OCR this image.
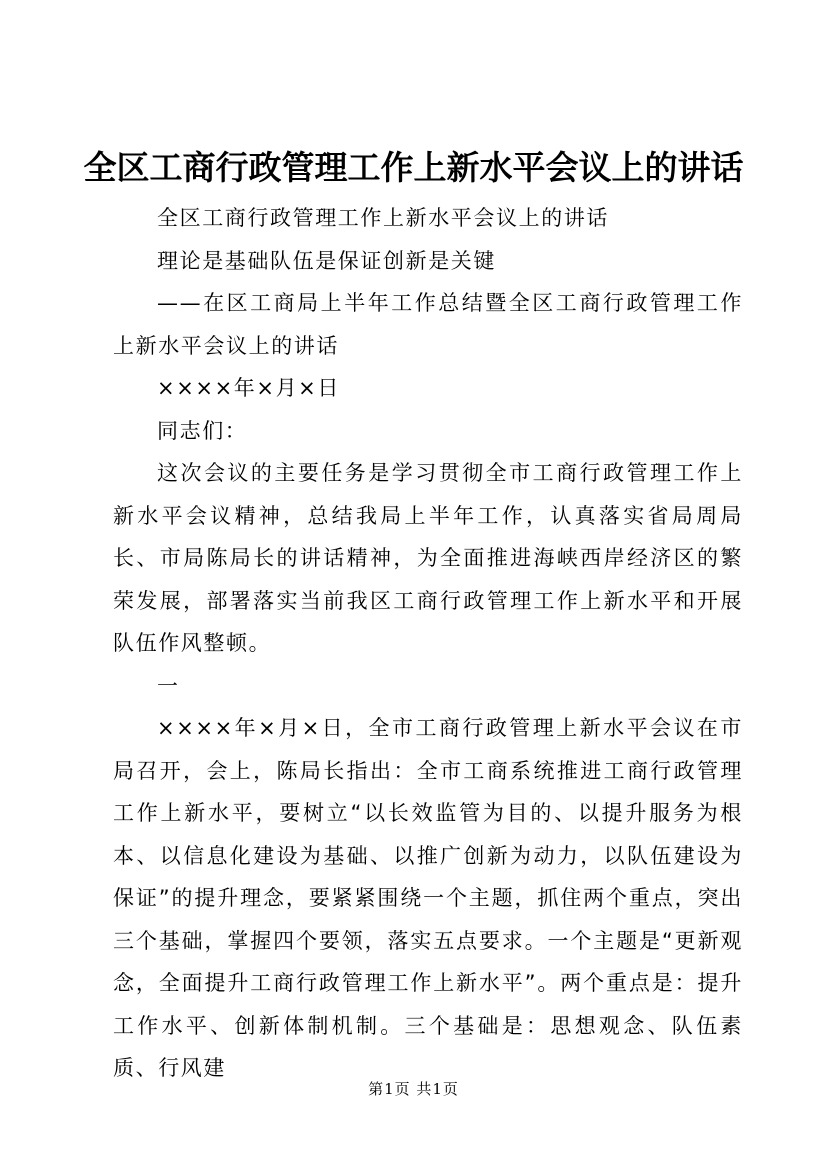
全区工商行政管理工作上新水平会议上的讲话

全区工商行政管理工作上新水平会议上的讲话

理论是基础队伍是保证创新是关键

——在区工商局上半年工作总结暨全区工商行政管理工作上新水平会议上的讲话

××××年×月×日

同志们：

这次会议的主要任务是学习贯彻全市工商行政管理工作上新水平会议精神，总结我局上半年工作，认真落实省局周局长、市局陈局长的讲话精神，为全面推进海峡西岸经济区的繁荣发展，部署落实当前我区工商行政管理工作上新水平和开展队伍作风整顿。

一

××××年×月×日，全市工商行政管理上新水平会议在市局召开，会上，陈局长指出：全市工商系统推进工商行政管理工作上新水平，要树立“以长效监管为目的、以提升服务为根本、以信息化建设为基础、以推广创新为动力，以队伍建设为保证”的提升理念，要紧紧围绕一个主题，抓住两个重点，突出三个基础，掌握四个要领，落实五点要求。一个主题是“更新观念，全面提升工商行政管理工作上新水平”。两个重点是：提升工作水平、创新体制机制。三个基础是：思想观念、队伍素质、行风建

第1页 共1页
